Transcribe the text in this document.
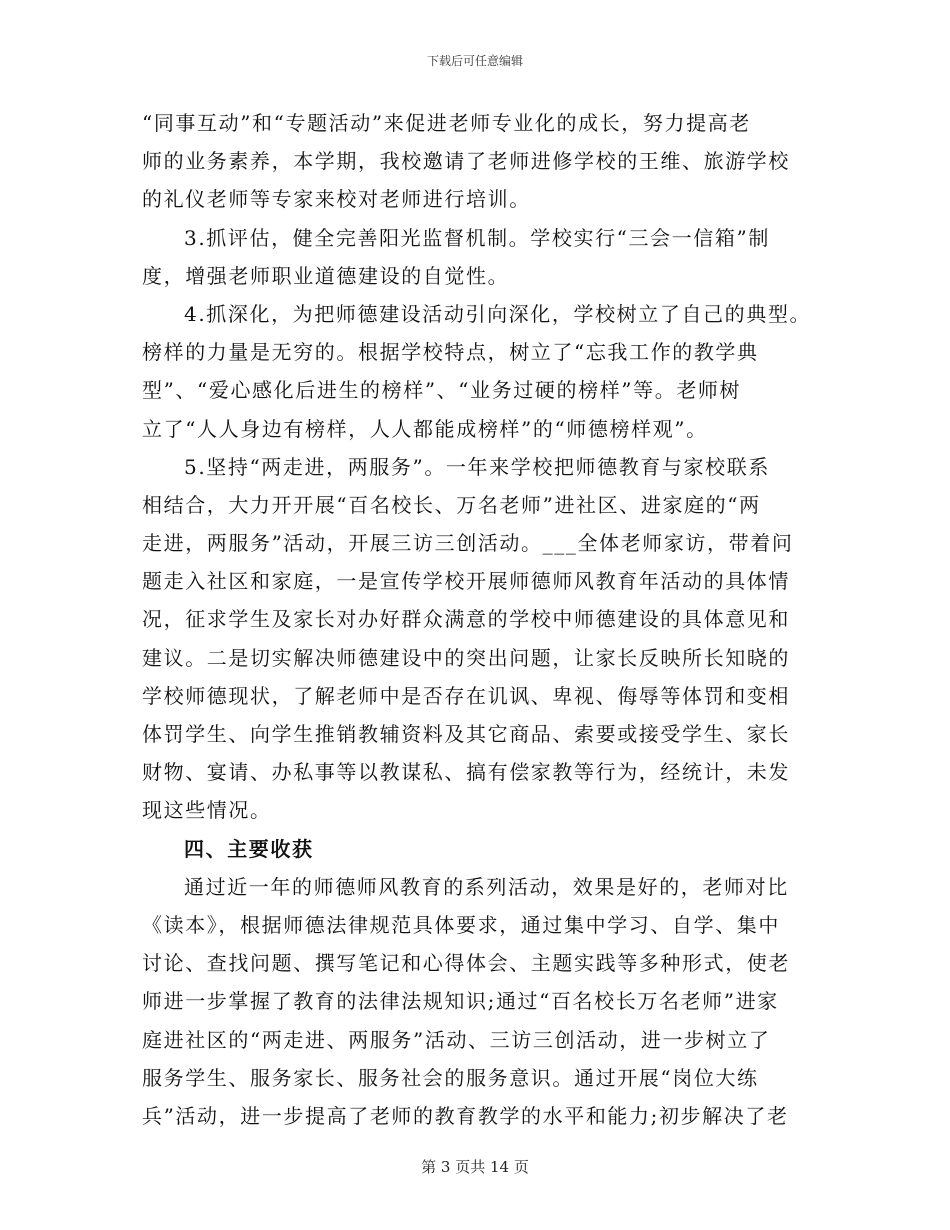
下载后可任意编辑
“同事互动”和“专题活动”来促进老师专业化的成长，努力提高老
师的业务素养，本学期，我校邀请了老师进修学校的王维、旅游学校
的礼仪老师等专家来校对老师进行培训。
3.抓评估，健全完善阳光监督机制。学校实行“三会一信箱”制
度，增强老师职业道德建设的自觉性。
4.抓深化，为把师德建设活动引向深化，学校树立了自己的典型。
榜样的力量是无穷的。根据学校特点，树立了“忘我工作的教学典
型”、“爱心感化后进生的榜样”、“业务过硬的榜样”等。老师树
立了“人人身边有榜样，人人都能成榜样”的“师德榜样观”。
5.坚持“两走进，两服务”。一年来学校把师德教育与家校联系
相结合，大力开开展“百名校长、万名老师”进社区、进家庭的“两
走进，两服务”活动，开展三访三创活动。___全体老师家访，带着问
题走入社区和家庭，一是宣传学校开展师德师风教育年活动的具体情
况，征求学生及家长对办好群众满意的学校中师德建设的具体意见和
建议。二是切实解决师德建设中的突出问题，让家长反映所长知晓的
学校师德现状，了解老师中是否存在讥讽、卑视、侮辱等体罚和变相
体罚学生、向学生推销教辅资料及其它商品、索要或接受学生、家长
财物、宴请、办私事等以教谋私、搞有偿家教等行为，经统计，未发
现这些情况。
四、主要收获
通过近一年的师德师风教育的系列活动，效果是好的，老师对比
《读本》，根据师德法律规范具体要求，通过集中学习、自学、集中
讨论、查找问题、撰写笔记和心得体会、主题实践等多种形式，使老
师进一步掌握了教育的法律法规知识;通过“百名校长万名老师”进家
庭进社区的“两走进、两服务”活动、三访三创活动，进一步树立了
服务学生、服务家长、服务社会的服务意识。通过开展“岗位大练
兵”活动，进一步提高了老师的教育教学的水平和能力;初步解决了老
第 3 页共 14 页
